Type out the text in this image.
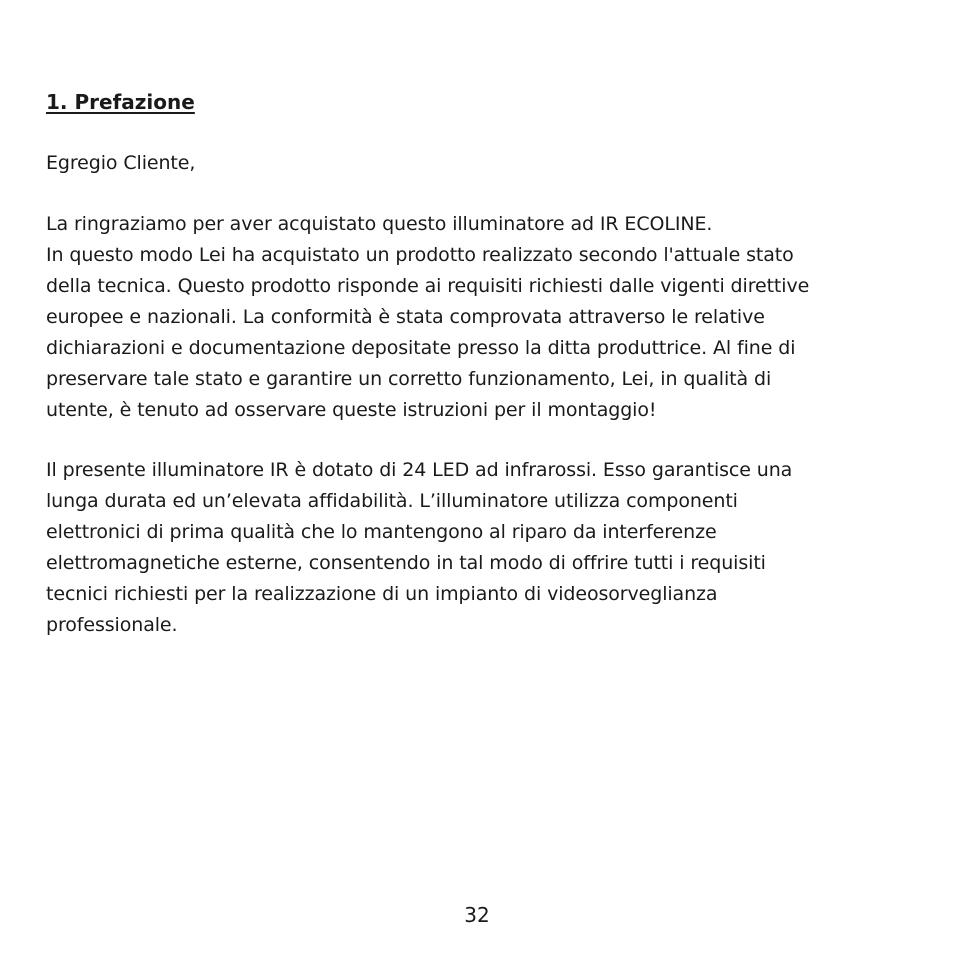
1. Prefazione

Egregio Cliente,

La ringraziamo per aver acquistato questo illuminatore ad IR ECOLINE.
In questo modo Lei ha acquistato un prodotto realizzato secondo l'attuale stato
della tecnica. Questo prodotto risponde ai requisiti richiesti dalle vigenti direttive
europee e nazionali. La conformità è stata comprovata attraverso le relative
dichiarazioni e documentazione depositate presso la ditta produttrice. Al fine di
preservare tale stato e garantire un corretto funzionamento, Lei, in qualità di
utente, è tenuto ad osservare queste istruzioni per il montaggio!

Il presente illuminatore IR è dotato di 24 LED ad infrarossi. Esso garantisce una
lunga durata ed un’elevata affidabilità. L’illuminatore utilizza componenti
elettronici di prima qualità che lo mantengono al riparo da interferenze
elettromagnetiche esterne, consentendo in tal modo di offrire tutti i requisiti
tecnici richiesti per la realizzazione di un impianto di videosorveglianza
professionale.

32
